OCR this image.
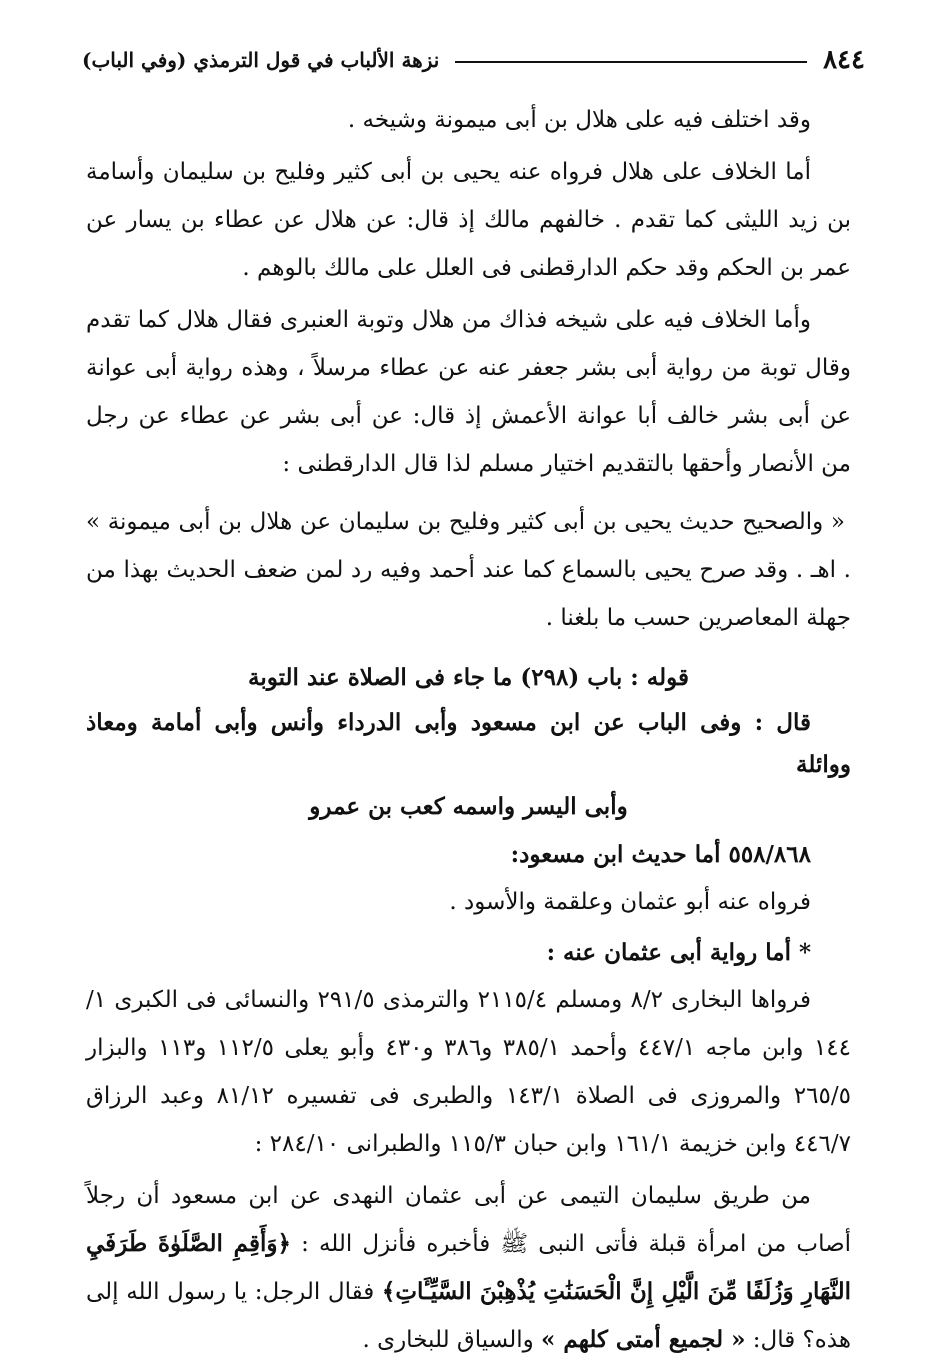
٨٤٤
نزهة الألباب في قول الترمذي (وفي الباب)

وقد اختلف فيه على هلال بن أبى ميمونة وشيخه .

أما الخلاف على هلال فرواه عنه يحيى بن أبى كثير وفليح بن سليمان وأسامة بن زيد الليثى كما تقدم . خالفهم مالك إذ قال: عن هلال عن عطاء بن يسار عن عمر بن الحكم وقد حكم الدارقطنى فى العلل على مالك بالوهم .

وأما الخلاف فيه على شيخه فذاك من هلال وتوبة العنبرى فقال هلال كما تقدم وقال توبة من رواية أبى بشر جعفر عنه عن عطاء مرسلاً ، وهذه رواية أبى عوانة عن أبى بشر خالف أبا عوانة الأعمش إذ قال: عن أبى بشر عن عطاء عن رجل من الأنصار وأحقها بالتقديم اختيار مسلم لذا قال الدارقطنى :

« والصحيح حديث يحيى بن أبى كثير وفليح بن سليمان عن هلال بن أبى ميمونة » . اهـ . وقد صرح يحيى بالسماع كما عند أحمد وفيه رد لمن ضعف الحديث بهذا من جهلة المعاصرين حسب ما بلغنا .

قوله : باب (٢٩٨) ما جاء فى الصلاة عند التوبة

قال : وفى الباب عن ابن مسعود وأبى الدرداء وأنس وأبى أمامة ومعاذ ووائلة

وأبى اليسر واسمه كعب بن عمرو

٥٥٨/٨٦٨ أما حديث ابن مسعود:

فرواه عنه أبو عثمان وعلقمة والأسود .

* أما رواية أبى عثمان عنه :

فرواها البخارى ٨/٢ ومسلم ٢١١٥/٤ والترمذى ٢٩١/٥ والنسائى فى الكبرى ١/ ١٤٤ وابن ماجه ٤٤٧/١ وأحمد ٣٨٥/١ و٣٨٦ و٤٣٠ وأبو يعلى ١١٢/٥ و١١٣ والبزار ٢٦٥/٥ والمروزى فى الصلاة ١٤٣/١ والطبرى فى تفسيره ٨١/١٢ وعبد الرزاق ٤٤٦/٧ وابن خزيمة ١٦١/١ وابن حبان ١١٥/٣ والطبرانى ٢٨٤/١٠ :

من طريق سليمان التيمى عن أبى عثمان النهدى عن ابن مسعود أن رجلاً أصاب من امرأة قبلة فأتى النبى ﷺ فأخبره فأنزل الله : ﴿وَأَقِمِ الصَّلَوٰةَ طَرَفَيِ النَّهَارِ وَزُلَفًا مِّنَ الَّيْلِ إِنَّ الْحَسَنَٰتِ يُذْهِبْنَ السَّيِّـَٔاتِ﴾ فقال الرجل: يا رسول الله إلى هذه؟ قال: « لجميع أمتى كلهم » والسياق للبخارى .
